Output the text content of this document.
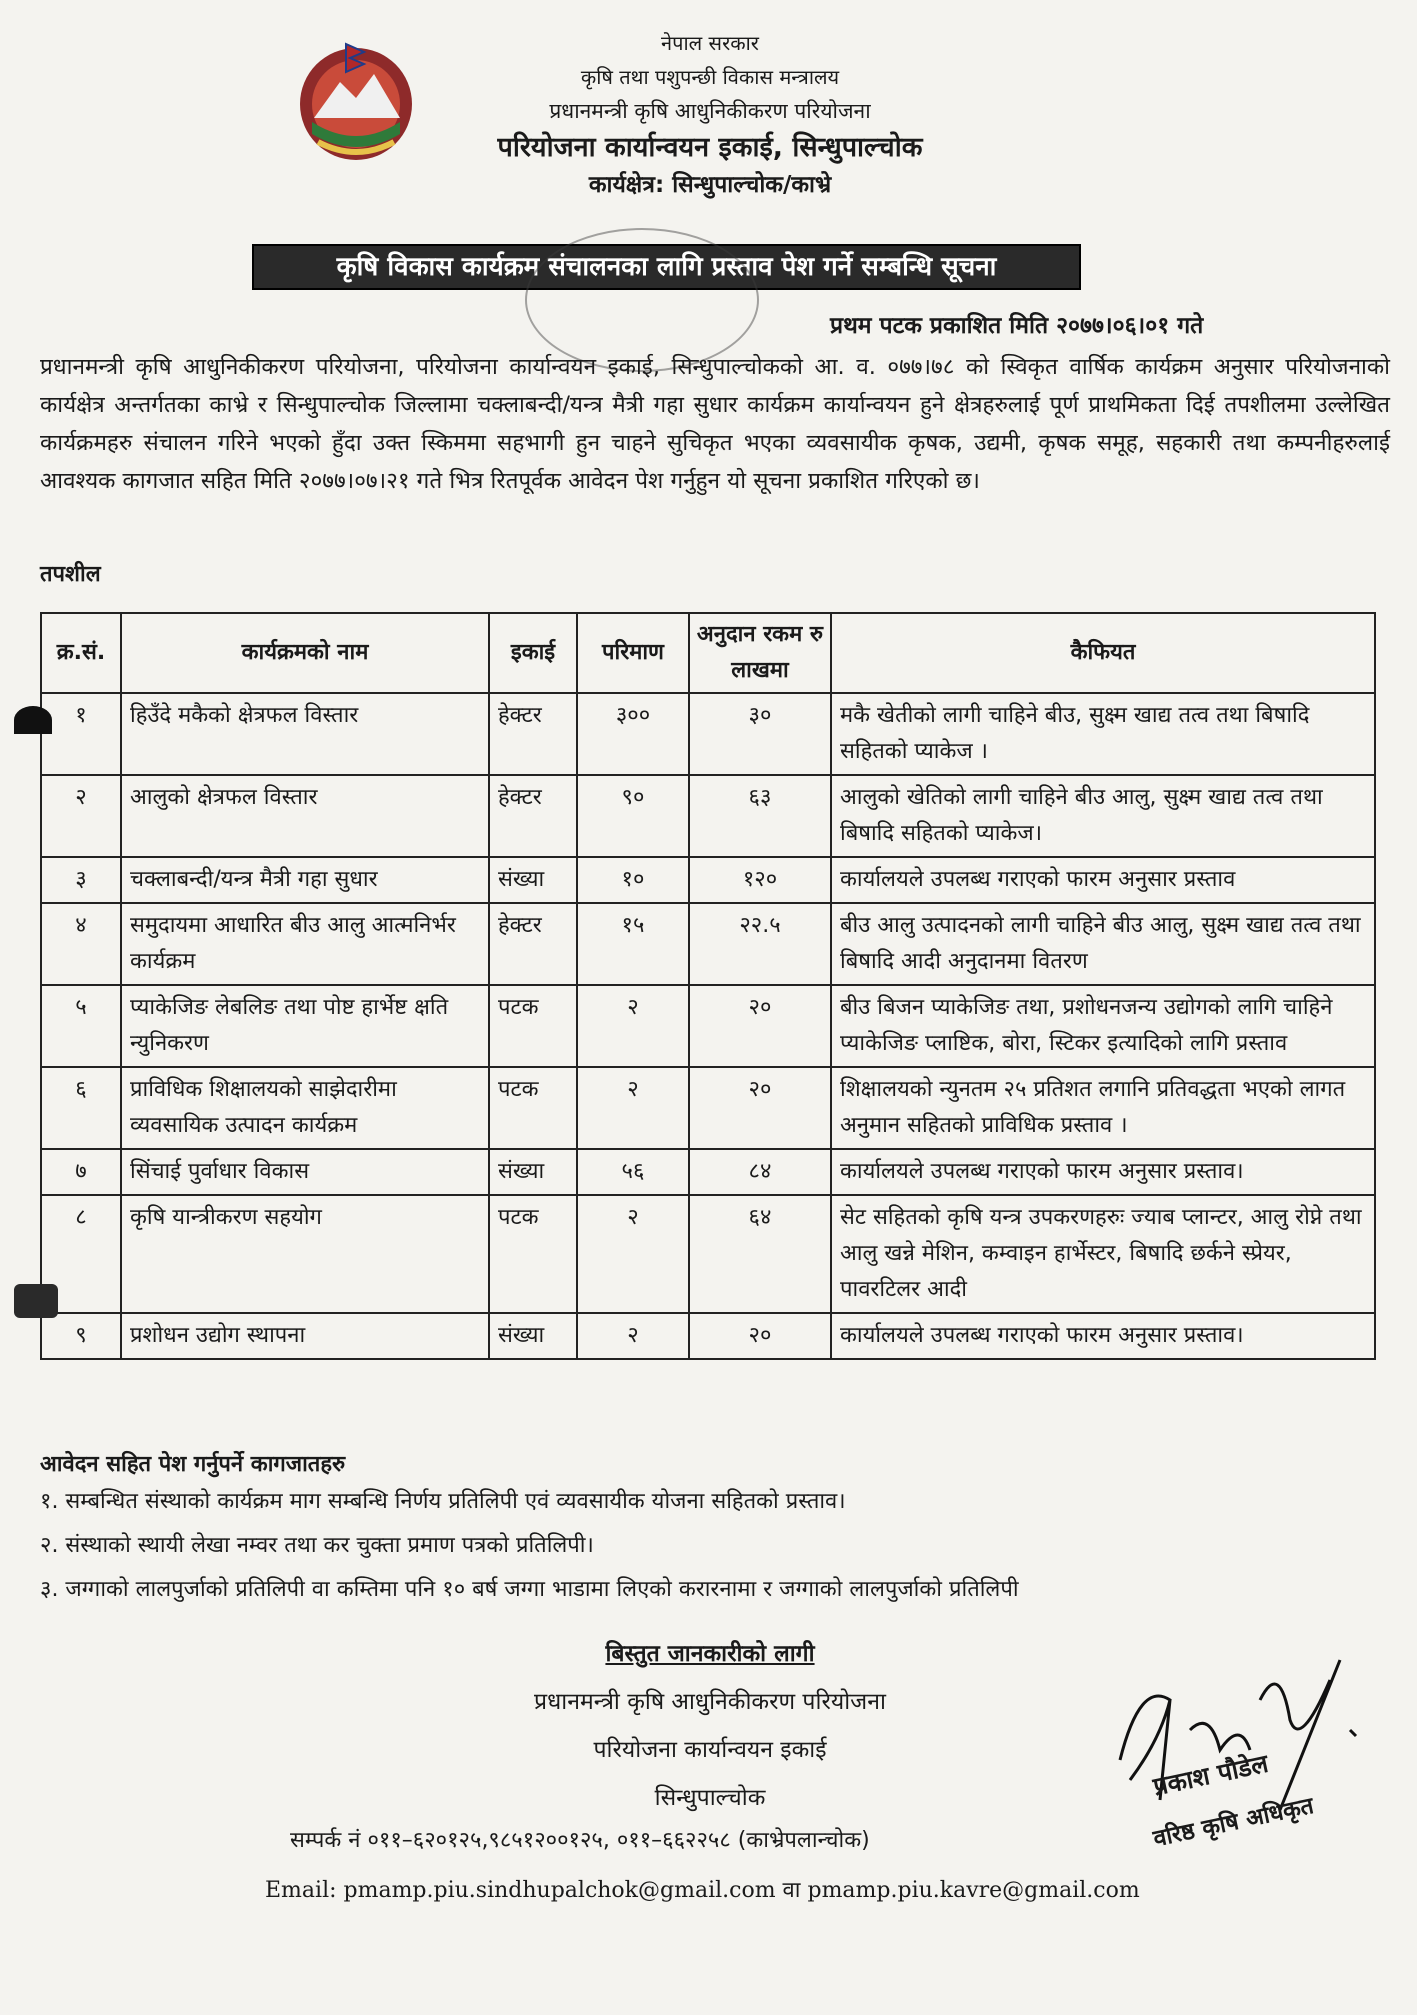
नेपाल सरकार
कृषि तथा पशुपन्छी विकास मन्त्रालय
प्रधानमन्त्री कृषि आधुनिकीकरण परियोजना
परियोजना कार्यान्वयन इकाई, सिन्धुपाल्चोक
कार्यक्षेत्र: सिन्धुपाल्चोक/काभ्रे
कृषि विकास कार्यक्रम संचालनका लागि प्रस्ताव पेश गर्ने सम्बन्धि सूचना
प्रथम पटक प्रकाशित मिति २०७७।०६।०१ गते
प्रधानमन्त्री कृषि आधुनिकीकरण परियोजना, परियोजना कार्यान्वयन इकाई, सिन्धुपाल्चोकको आ. व. ०७७।७८ को स्विकृत वार्षिक कार्यक्रम अनुसार परियोजनाको कार्यक्षेत्र अन्तर्गतका काभ्रे र सिन्धुपाल्चोक जिल्लामा चक्लाबन्दी/यन्त्र मैत्री गहा सुधार कार्यक्रम कार्यान्वयन हुने क्षेत्रहरुलाई पूर्ण प्राथमिकता दिई तपशीलमा उल्लेखित कार्यक्रमहरु संचालन गरिने भएको हुँदा उक्त स्किममा सहभागी हुन चाहने सुचिकृत भएका व्यवसायीक कृषक, उद्यमी, कृषक समूह, सहकारी तथा कम्पनीहरुलाई आवश्यक कागजात सहित मिति २०७७।०७।२१ गते भित्र रितपूर्वक आवेदन पेश गर्नुहुन यो सूचना प्रकाशित गरिएको छ।
तपशील
क्र.सं.	कार्यक्रमको नाम	इकाई	परिमाण	अनुदान रकम रु लाखमा	कैफियत
१	हिउँदे मकैको क्षेत्रफल विस्तार	हेक्टर	३००	३०	मकै खेतीको लागी चाहिने बीउ, सुक्ष्म खाद्य तत्व तथा बिषादि सहितको प्याकेज ।
२	आलुको क्षेत्रफल विस्तार	हेक्टर	९०	६३	आलुको खेतिको लागी चाहिने बीउ आलु, सुक्ष्म खाद्य तत्व तथा बिषादि सहितको प्याकेज।
३	चक्लाबन्दी/यन्त्र मैत्री गहा सुधार	संख्या	१०	१२०	कार्यालयले उपलब्ध गराएको फारम अनुसार प्रस्ताव
४	समुदायमा आधारित बीउ आलु आत्मनिर्भर कार्यक्रम	हेक्टर	१५	२२.५	बीउ आलु उत्पादनको लागी चाहिने बीउ आलु, सुक्ष्म खाद्य तत्व तथा बिषादि आदी अनुदानमा वितरण
५	प्याकेजिङ लेबलिङ तथा पोष्ट हार्भेष्ट क्षति न्युनिकरण	पटक	२	२०	बीउ बिजन प्याकेजिङ तथा, प्रशोधनजन्य उद्योगको लागि चाहिने प्याकेजिङ प्लाष्टिक, बोरा, स्टिकर इत्यादिको लागि प्रस्ताव
६	प्राविधिक शिक्षालयको साझेदारीमा व्यवसायिक उत्पादन कार्यक्रम	पटक	२	२०	शिक्षालयको न्युनतम २५ प्रतिशत लगानि प्रतिवद्धता भएको लागत अनुमान सहितको प्राविधिक प्रस्ताव ।
७	सिंचाई पुर्वाधार विकास	संख्या	५६	८४	कार्यालयले उपलब्ध गराएको फारम अनुसार प्रस्ताव।
८	कृषि यान्त्रीकरण सहयोग	पटक	२	६४	सेट सहितको कृषि यन्त्र उपकरणहरुः ज्याब प्लान्टर, आलु रोप्ने तथा आलु खन्ने मेशिन, कम्वाइन हार्भेस्टर, बिषादि छर्कने स्प्रेयर, पावरटिलर आदी
९	प्रशोधन उद्योग स्थापना	संख्या	२	२०	कार्यालयले उपलब्ध गराएको फारम अनुसार प्रस्ताव।
आवेदन सहित पेश गर्नुपर्ने कागजातहरु
१. सम्बन्धित संस्थाको कार्यक्रम माग सम्बन्धि निर्णय प्रतिलिपी एवं व्यवसायीक योजना सहितको प्रस्ताव।
२. संस्थाको स्थायी लेखा नम्वर तथा कर चुक्ता प्रमाण पत्रको प्रतिलिपी।
३. जग्गाको लालपुर्जाको प्रतिलिपी वा कम्तिमा पनि १० बर्ष जग्गा भाडामा लिएको करारनामा र जग्गाको लालपुर्जाको प्रतिलिपी
बिस्तुत जानकारीको लागी
प्रधानमन्त्री कृषि आधुनिकीकरण परियोजना
परियोजना कार्यान्वयन इकाई
सिन्धुपाल्चोक
सम्पर्क नं ०११–६२०१२५,९८५१२००१२५, ०११–६६२२५८ (काभ्रेपलान्चोक)
Email: pmamp.piu.sindhupalchok@gmail.com वा pmamp.piu.kavre@gmail.com
प्रकाश पौडेल
वरिष्ठ कृषि अधिकृत
